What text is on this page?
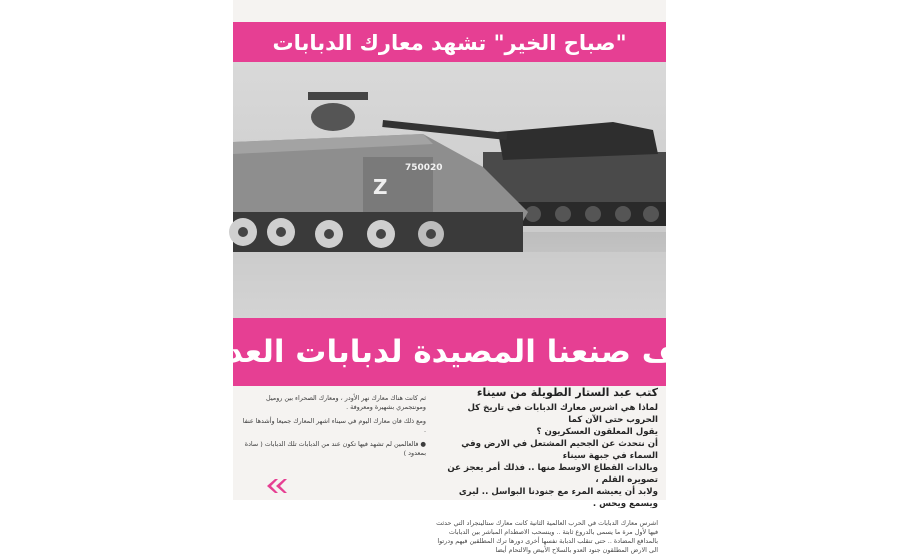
"صباح الخير" تشهد معارك الدبابات
750020
Z
كيف صنعنا المصيدة لدبابات العدو؟
كتب عبد الستار الطويلة من سيناء

لماذا هي اشرس معارك الدبابات في تاريخ كل الحروب حتى الآن كما

يقول المعلقون العسكريون ؟

أن نتحدث عن الجحيم المشتعل في الارض وفي السماء في جبهة سيناء

وبالذات القطاع الاوسط منها .. فذلك أمر يعجز عن تصويره القلم ،

ولابد أن يعيشه المرء مع جنودنا البواسل .. ليرى ويسمع ويحس .

اشرس معارك الدبابات في الحرب العالمية الثانية كانت معارك ستالينجراد التي حدثت فيها لأول مرة ما يسمى بالدروع ثابتة .. وينسحب الاصطدام المباشر بين الدبابات بالمدافع المضادة .. حتى تنقلب الدبابة نفسها أخرى دورها ترك المطلقين فيهم ودرتوا الى الارض المطلقون جنود العدو بالسلاح الأبيض والالتحام أيضا

ثم كانت هناك معارك نهر الأودر ، ومعارك الصحراء بين روميل ومونتجمري بشهيرة ومعروفة .

ومع ذلك فان معارك اليوم في سيناء اشهر المعارك جميعا وأشدها عنفا .

● فالعالمين لم تشهد فيها تكون عند من الدبابات تلك الدبابات ( سادة بمعدود )
